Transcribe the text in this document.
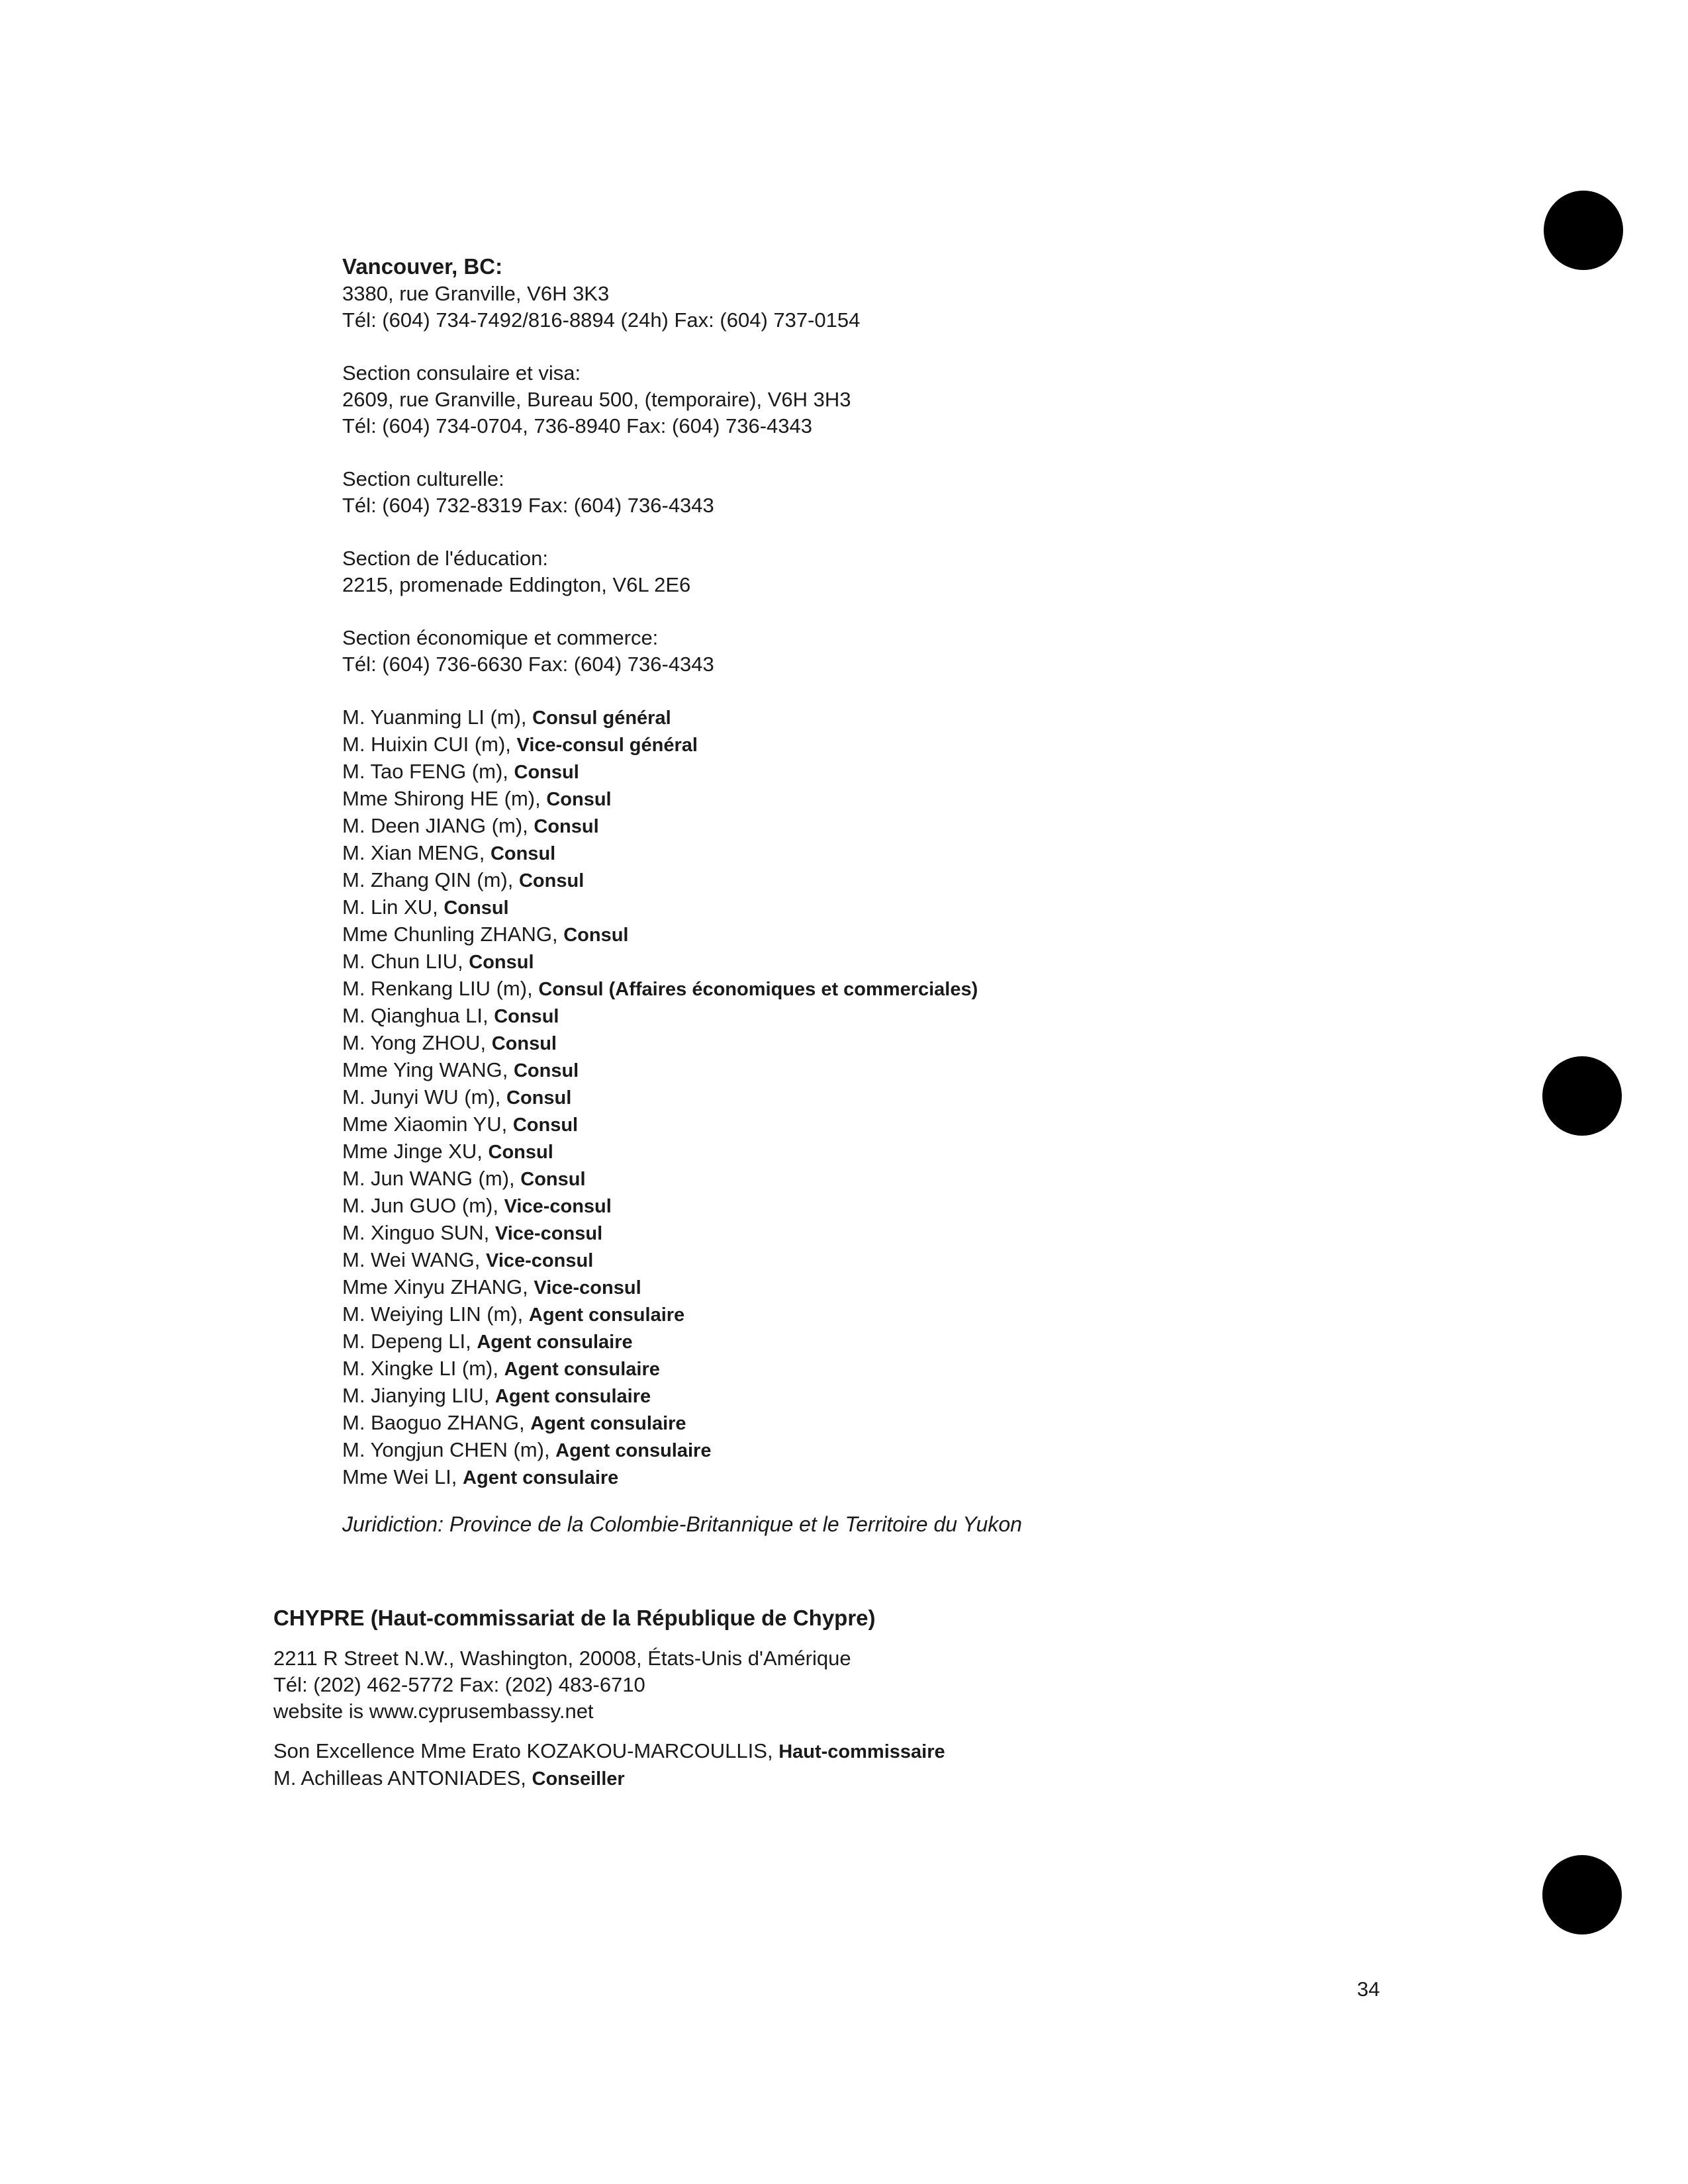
Vancouver, BC:

3380, rue Granville, V6H 3K3

Tél: (604) 734-7492/816-8894 (24h) Fax: (604) 737-0154

Section consulaire et visa:

2609, rue Granville, Bureau 500, (temporaire), V6H 3H3

Tél: (604) 734-0704, 736-8940 Fax: (604) 736-4343

Section culturelle:

Tél: (604) 732-8319 Fax: (604) 736-4343

Section de l'éducation:

2215, promenade Eddington, V6L 2E6

Section économique et commerce:

Tél: (604) 736-6630 Fax: (604) 736-4343

M. Yuanming LI (m), Consul général

M. Huixin CUI (m), Vice-consul général

M. Tao FENG (m), Consul

Mme Shirong HE (m), Consul

M. Deen JIANG (m), Consul

M. Xian MENG, Consul

M. Zhang QIN (m), Consul

M. Lin XU, Consul

Mme Chunling ZHANG, Consul

M. Chun LIU, Consul

M. Renkang LIU (m), Consul (Affaires économiques et commerciales)

M. Qianghua LI, Consul

M. Yong ZHOU, Consul

Mme Ying WANG, Consul

M. Junyi WU (m), Consul

Mme Xiaomin YU, Consul

Mme Jinge XU, Consul

M. Jun WANG (m), Consul

M. Jun GUO (m), Vice-consul

M. Xinguo SUN, Vice-consul

M. Wei WANG, Vice-consul

Mme Xinyu ZHANG, Vice-consul

M. Weiying LIN (m), Agent consulaire

M. Depeng LI, Agent consulaire

M. Xingke LI (m), Agent consulaire

M. Jianying LIU, Agent consulaire

M. Baoguo ZHANG, Agent consulaire

M. Yongjun CHEN (m), Agent consulaire

Mme Wei LI, Agent consulaire

Juridiction: Province de la Colombie-Britannique et le Territoire du Yukon

CHYPRE (Haut-commissariat de la République de Chypre)

2211 R Street N.W., Washington, 20008, États-Unis d'Amérique

Tél: (202) 462-5772 Fax: (202) 483-6710

website is www.cyprusembassy.net

Son Excellence Mme Erato KOZAKOU-MARCOULLIS, Haut-commissaire

M. Achilleas ANTONIADES, Conseiller

34
